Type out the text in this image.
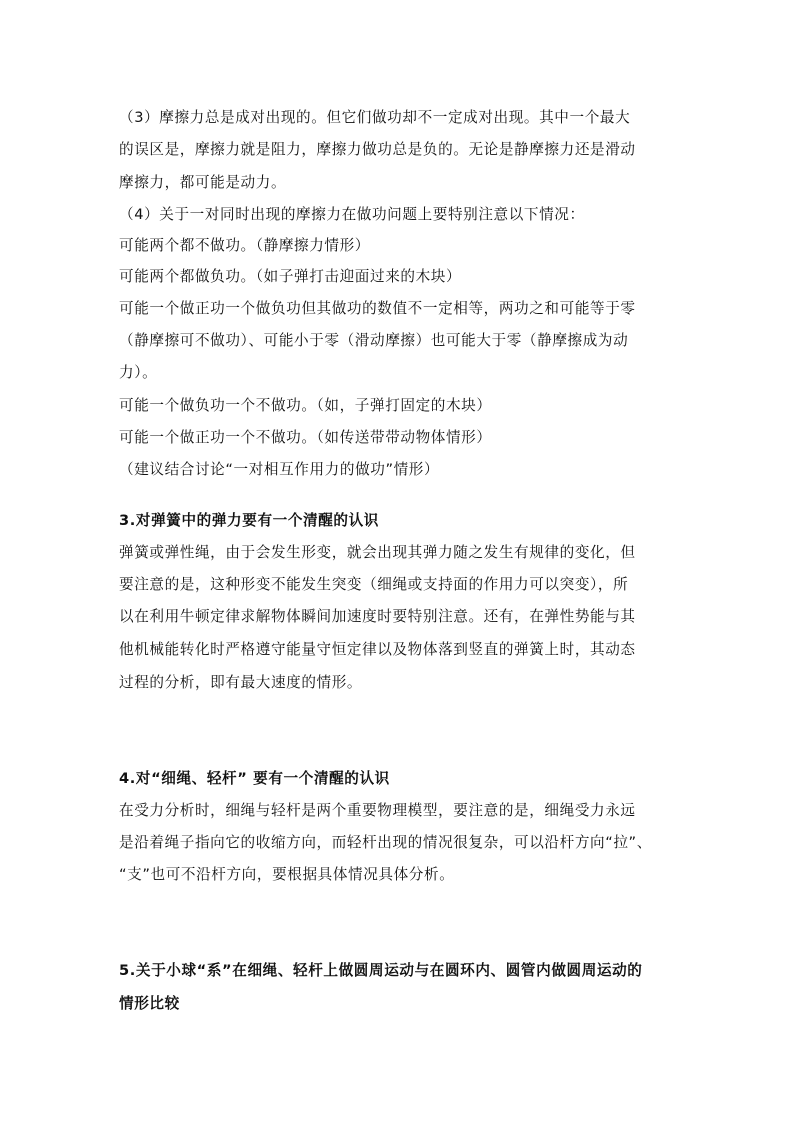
（3）摩擦力总是成对出现的。但它们做功却不一定成对出现。其中一个最大
的误区是，摩擦力就是阻力，摩擦力做功总是负的。无论是静摩擦力还是滑动
摩擦力，都可能是动力。
（4）关于一对同时出现的摩擦力在做功问题上要特别注意以下情况：
可能两个都不做功。（静摩擦力情形）
可能两个都做负功。（如子弹打击迎面过来的木块）
可能一个做正功一个做负功但其做功的数值不一定相等，两功之和可能等于零
（静摩擦可不做功）、可能小于零（滑动摩擦）也可能大于零（静摩擦成为动
力）。
可能一个做负功一个不做功。（如，子弹打固定的木块）
可能一个做正功一个不做功。（如传送带带动物体情形）
（建议结合讨论“一对相互作用力的做功”情形）
3.对弹簧中的弹力要有一个清醒的认识
弹簧或弹性绳，由于会发生形变，就会出现其弹力随之发生有规律的变化，但
要注意的是，这种形变不能发生突变（细绳或支持面的作用力可以突变），所
以在利用牛顿定律求解物体瞬间加速度时要特别注意。还有，在弹性势能与其
他机械能转化时严格遵守能量守恒定律以及物体落到竖直的弹簧上时，其动态
过程的分析，即有最大速度的情形。
4.对“细绳、轻杆” 要有一个清醒的认识
在受力分析时，细绳与轻杆是两个重要物理模型，要注意的是，细绳受力永远
是沿着绳子指向它的收缩方向，而轻杆出现的情况很复杂，可以沿杆方向“拉”、
“支”也可不沿杆方向，要根据具体情况具体分析。
5.关于小球“系”在细绳、轻杆上做圆周运动与在圆环内、圆管内做圆周运动的
情形比较
